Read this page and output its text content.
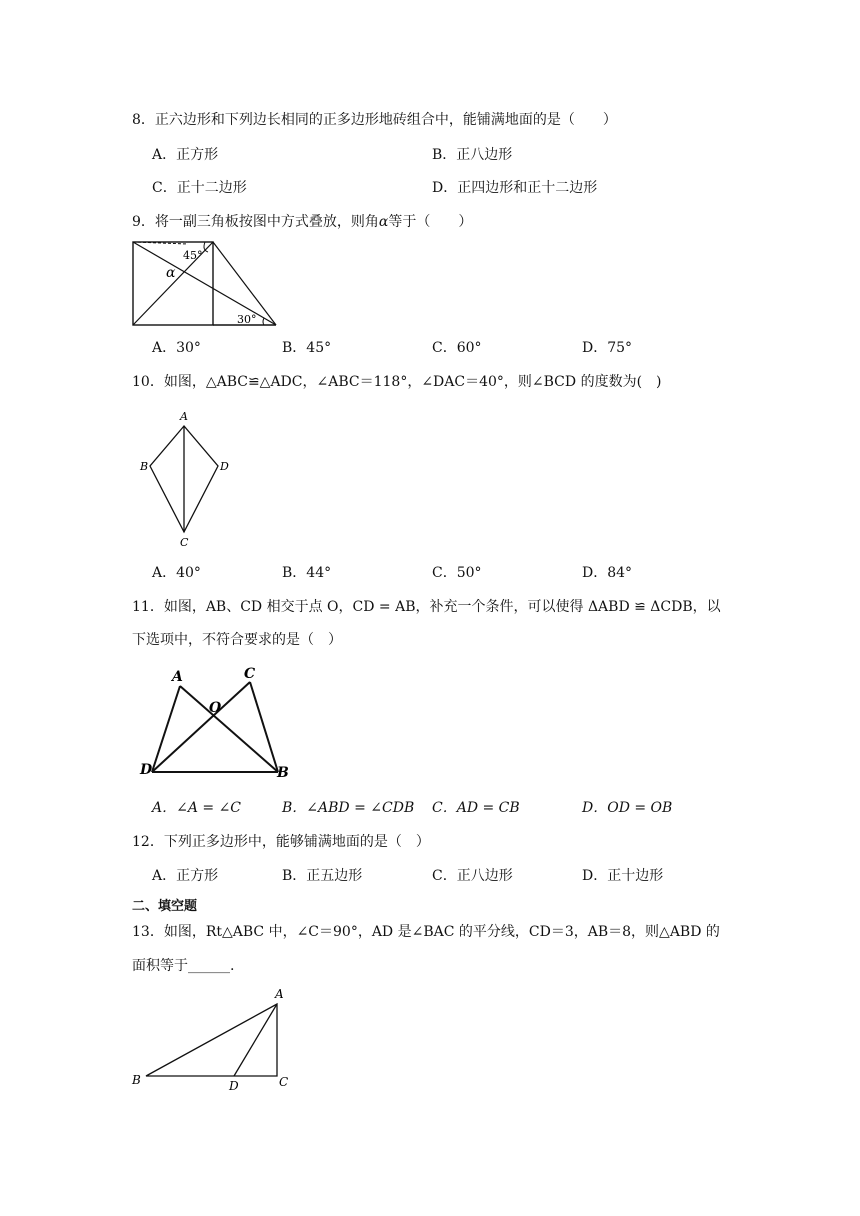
8．正六边形和下列边长相同的正多边形地砖组合中，能铺满地面的是（　　）
A．正方形	B．正八边形
C．正十二边形	D．正四边形和正十二边形
9．将一副三角板按图中方式叠放，则角α等于（　　）
45°
30°
α
A．30°	B．45°	C．60°	D．75°
10．如图，△ABC≌△ADC，∠ABC＝118°，∠DAC＝40°，则∠BCD 的度数为(　)
A
B
C
D
A．40°	B．44°	C．50°	D．84°
11．如图，AB、CD 相交于点 O，CD = AB，补充一个条件，可以使得 ΔABD ≌ ΔCDB，以
下选项中，不符合要求的是（　）
A	C
O
D	B
A．∠A = ∠C	B．∠ABD = ∠CDB C．AD = CB	D．OD = OB
12．下列正多边形中，能够铺满地面的是（　）
A．正方形	B．正五边形	C．正八边形	D．正十边形
二、填空题
13．如图，Rt△ABC 中，∠C＝90°，AD 是∠BAC 的平分线，CD＝3，AB＝8，则△ABD 的
面积等于______.
A
B	D	C
